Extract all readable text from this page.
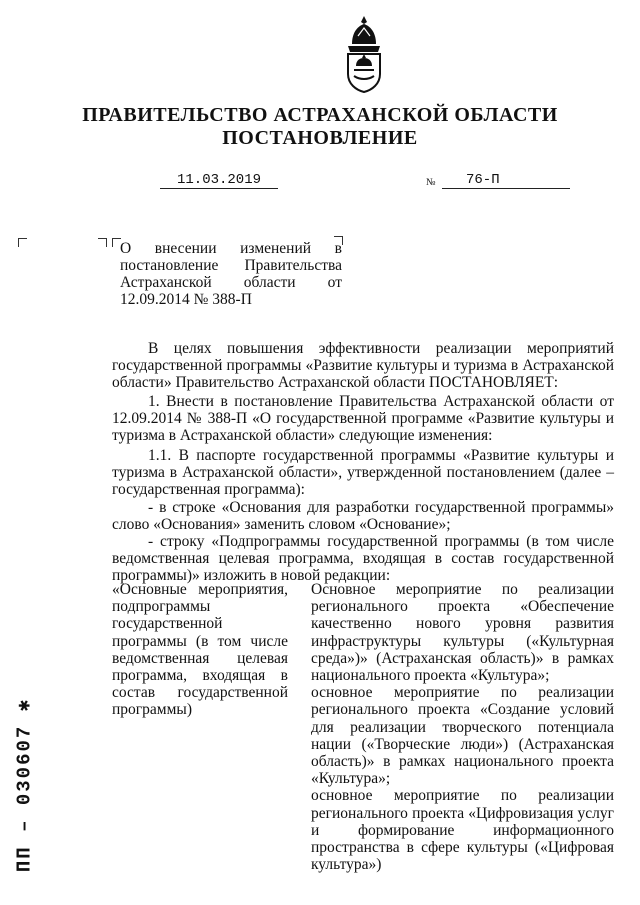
ПРАВИТЕЛЬСТВО АСТРАХАНСКОЙ ОБЛАСТИ
ПОСТАНОВЛЕНИЕ
11.03.2019	№	76-П
О внесении изменений в постановление Правительства Астраханской области от 12.09.2014 № 388-П
В целях повышения эффективности реализации мероприятий государственной программы «Развитие культуры и туризма в Астраханской области» Правительство Астраханской области ПОСТАНОВЛЯЕТ:
1. Внести в постановление Правительства Астраханской области от 12.09.2014 № 388-П «О государственной программе «Развитие культуры и туризма в Астраханской области» следующие изменения:
1.1. В паспорте государственной программы «Развитие культуры и туризма в Астраханской области», утвержденной постановлением (далее – государственная программа):
- в строке «Основания для разработки государственной программы» слово «Основания» заменить словом «Основание»;
- строку «Подпрограммы государственной программы (в том числе ведомственная целевая программа, входящая в состав государственной программы)» изложить в новой редакции:
«Основные мероприятия, подпрограммы государственной программы (в том числе ведомственная целевая программа, входящая в состав государственной программы)

Основное мероприятие по реализации регионального проекта «Обеспечение качественно нового уровня развития инфраструктуры культуры («Культурная среда»)» (Астраханская область)» в рамках национального проекта «Культура»;

основное мероприятие по реализации регионального проекта «Создание условий для реализации творческого потенциала нации («Творческие люди») (Астраханская область)» в рамках национального проекта «Культура»;

основное мероприятие по реализации регионального проекта «Цифровизация услуг и формирование информационного пространства в сфере культуры («Цифровая культура»)

ПП – 030607 ✱
